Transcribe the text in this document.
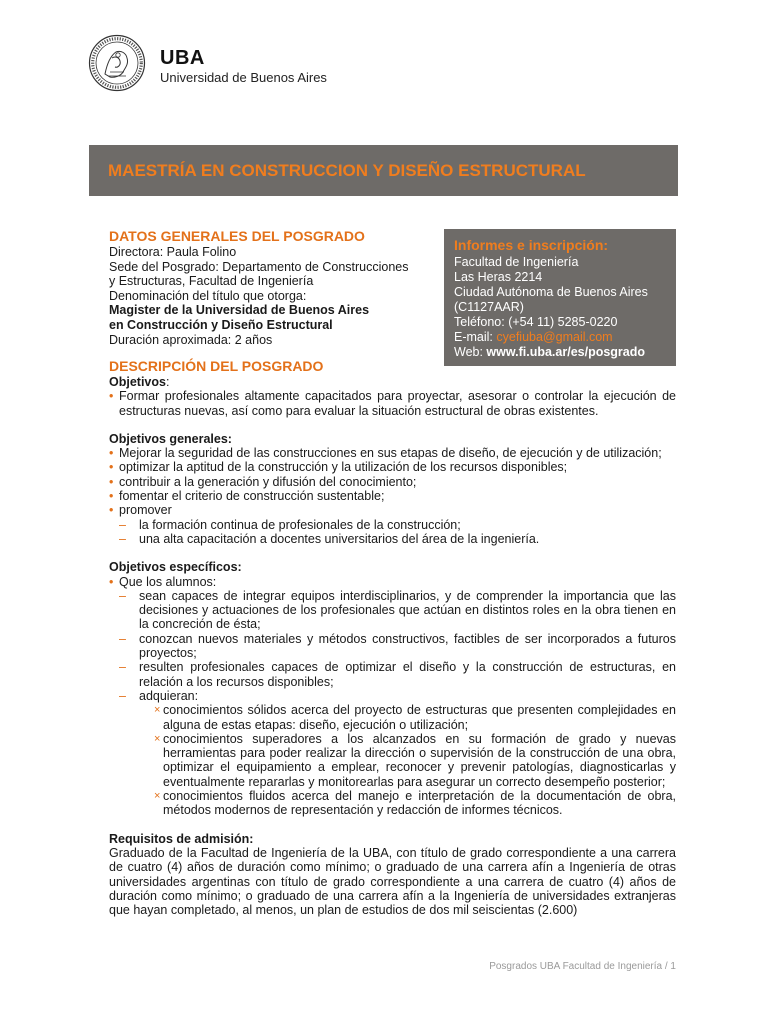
UBA
Universidad de Buenos Aires
MAESTRÍA EN CONSTRUCCION Y DISEÑO ESTRUCTURAL
DATOS GENERALES DEL POSGRADO
Directora: Paula Folino
Sede del Posgrado: Departamento de Construcciones
y Estructuras, Facultad de Ingeniería
Denominación del título que otorga:
Magister de la Universidad de Buenos Aires
en Construcción y Diseño Estructural
Duración aproximada: 2 años
Informes e inscripción:
Facultad de Ingeniería
Las Heras 2214
Ciudad Autónoma de Buenos Aires
(C1127AAR)
Teléfono: (+54 11) 5285-0220
E-mail: cyefiuba@gmail.com
Web: www.fi.uba.ar/es/posgrado
DESCRIPCIÓN DEL POSGRADO

Objetivos:

• Formar profesionales altamente capacitados para proyectar, asesorar o controlar la ejecución de estructuras nuevas, así como para evaluar la situación estructural de obras existentes.

Objetivos generales:

• Mejorar la seguridad de las construcciones en sus etapas de diseño, de ejecución y de utilización;
• optimizar la aptitud de la construcción y la utilización de los recursos disponibles;
• contribuir a la generación y difusión del conocimiento;
• fomentar el criterio de construcción sustentable;
• promover
– la formación continua de profesionales de la construcción;
– una alta capacitación a docentes universitarios del área de la ingeniería.

Objetivos específicos:

• Que los alumnos:
– sean capaces de integrar equipos interdisciplinarios, y de comprender la importancia que las decisiones y actuaciones de los profesionales que actúan en distintos roles en la obra tienen en la concreción de ésta;
– conozcan nuevos materiales y métodos constructivos, factibles de ser incorporados a futuros proyectos;
– resulten profesionales capaces de optimizar el diseño y la construcción de estructuras, en relación a los recursos disponibles;
– adquieran:
× conocimientos sólidos acerca del proyecto de estructuras que presenten complejidades en alguna de estas etapas: diseño, ejecución o utilización;
× conocimientos superadores a los alcanzados en su formación de grado y nuevas herramientas para poder realizar la dirección o supervisión de la construcción de una obra, optimizar el equipamiento a emplear, reconocer y prevenir patologías, diagnosticarlas y eventualmente repararlas y monitorearlas para asegurar un correcto desempeño posterior;
× conocimientos fluidos acerca del manejo e interpretación de la documentación de obra, métodos modernos de representación y redacción de informes técnicos.

Requisitos de admisión:

Graduado de la Facultad de Ingeniería de la UBA, con título de grado correspondiente a una carrera de cuatro (4) años de duración como mínimo; o graduado de una carrera afín a Ingeniería de otras universidades argentinas con título de grado correspondiente a una carrera de cuatro (4) años de duración como mínimo; o graduado de una carrera afín a la Ingeniería de universidades extranjeras que hayan completado, al menos, un plan de estudios de dos mil seiscientas (2.600)

Posgrados UBA Facultad de Ingeniería / 1
